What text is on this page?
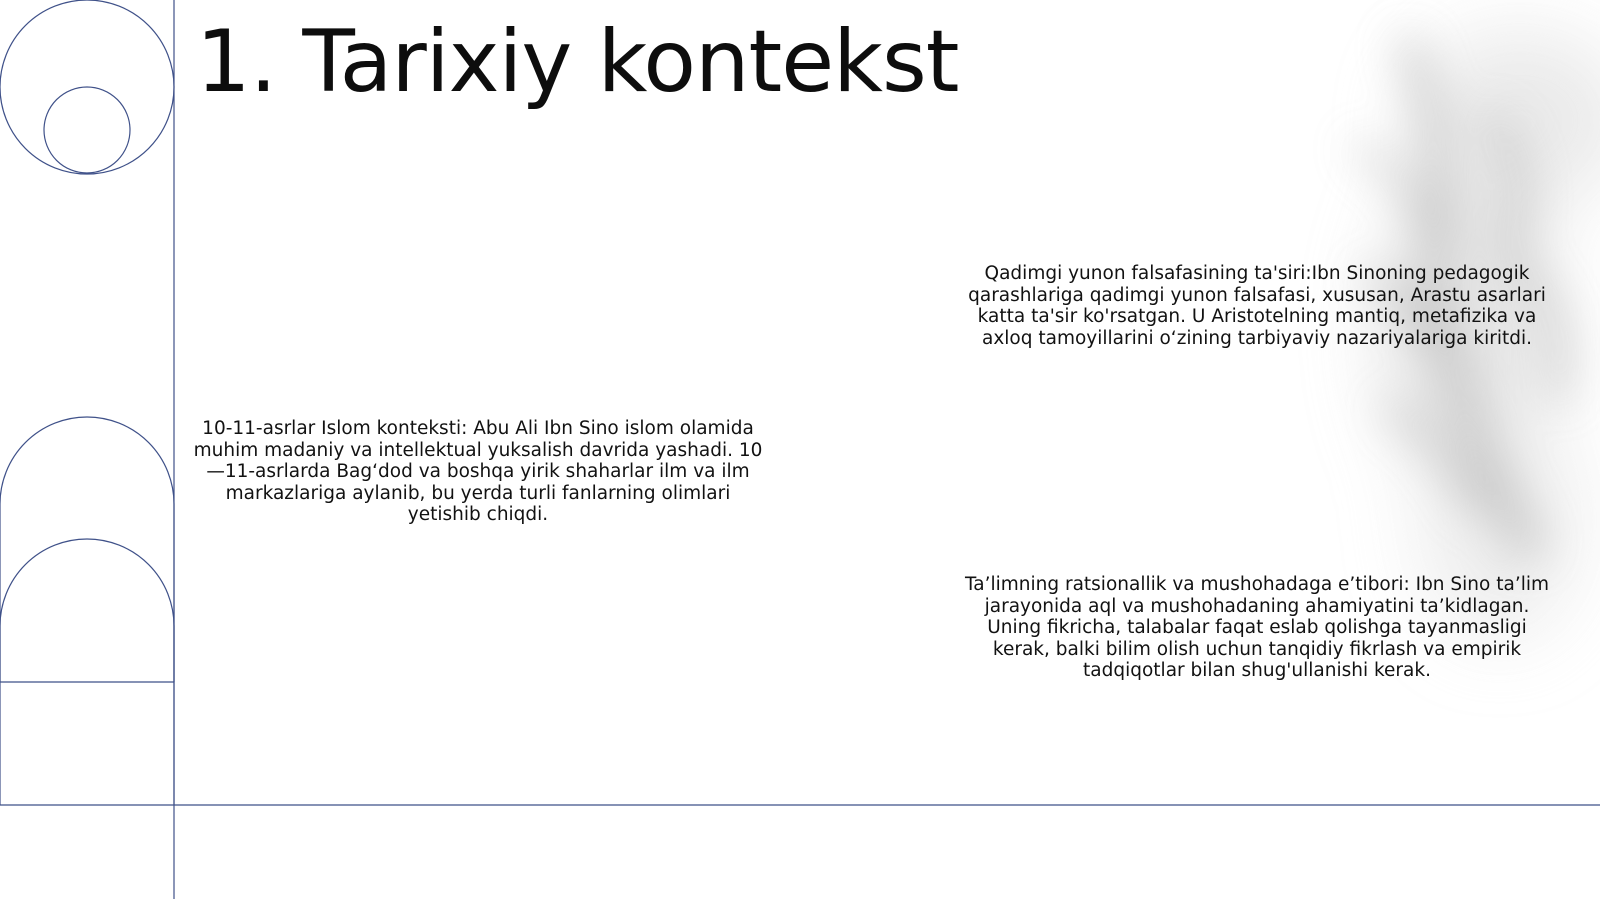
1. Tarixiy kontekst

10-11-asrlar Islom konteksti: Abu Ali Ibn Sino islom olamida muhim madaniy va intellektual yuksalish davrida yashadi. 10—11-asrlarda Bag‘dod va boshqa yirik shaharlar ilm va ilm markazlariga aylanib, bu yerda turli fanlarning olimlari yetishib chiqdi.

Qadimgi yunon falsafasining ta'siri:Ibn Sinoning pedagogik qarashlariga qadimgi yunon falsafasi, xususan, Arastu asarlari katta ta'sir ko'rsatgan. U Aristotelning mantiq, metafizika va axloq tamoyillarini o‘zining tarbiyaviy nazariyalariga kiritdi.

Ta’limning ratsionallik va mushohadaga e’tibori: Ibn Sino ta’lim jarayonida aql va mushohadaning ahamiyatini ta’kidlagan. Uning fikricha, talabalar faqat eslab qolishga tayanmasligi kerak, balki bilim olish uchun tanqidiy fikrlash va empirik tadqiqotlar bilan shug'ullanishi kerak.
